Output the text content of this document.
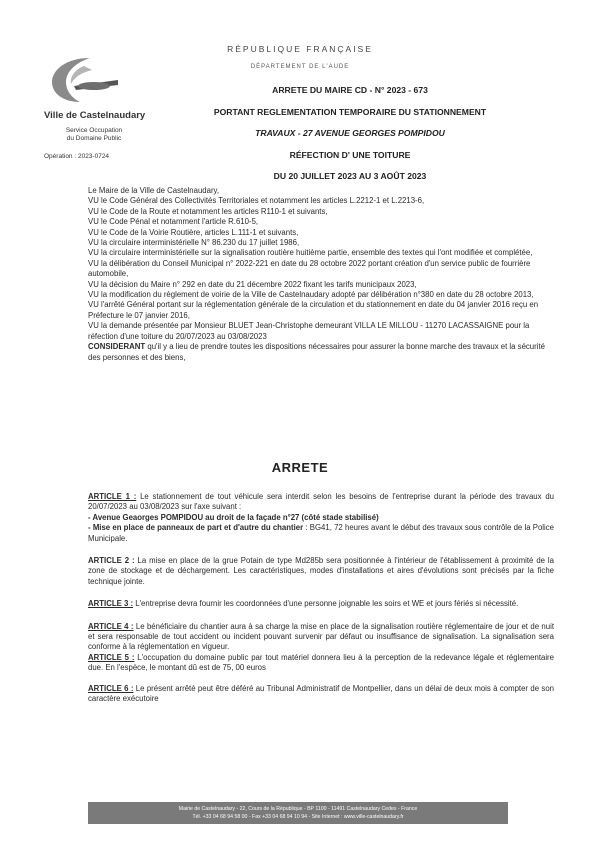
Ville de Castelnaudary
Service Occupation
du Domaine Public
Opération : 2023-0724
RÉPUBLIQUE FRANÇAISE
DÉPARTEMENT DE L'AUDE
ARRETE DU MAIRE CD - N° 2023 - 673
PORTANT REGLEMENTATION TEMPORAIRE DU STATIONNEMENT
TRAVAUX - 27 AVENUE GEORGES POMPIDOU
RÉFECTION D' UNE TOITURE
DU 20 JUILLET 2023 AU 3 AOÛT 2023

Le Maire de la Ville de Castelnaudary,

VU le Code Général des Collectivités Territoriales et notamment les articles L.2212-1 et L.2213-6,

VU le Code de la Route et notamment les articles R110-1 et suivants,

VU le Code Pénal et notamment l'article R.610-5,

VU le Code de la Voirie Routière, articles L.111-1 et suivants,

VU la circulaire interministérielle N° 86.230 du 17 juillet 1986,

VU la circulaire interministérielle sur la signalisation routière huitième partie, ensemble des textes qui l'ont modifiée et complétée,

VU la délibération du Conseil Municipal n° 2022-221 en date du 28 octobre 2022 portant création d'un service public de fourrière automobile,

VU la décision du Maire n° 292 en date du 21 décembre 2022 fixant les tarifs municipaux 2023,

VU la modification du règlement de voirie de la Ville de Castelnaudary adopté par délibération n°380 en date du 28 octobre 2013,

VU l'arrêté Général portant sur la réglementation générale de la circulation et du stationnement en date du 04 janvier 2016 reçu en Préfecture le 07 janvier 2016,

VU la demande présentée par Monsieur BLUET Jean-Christophe demeurant VILLA LE MILLOU - 11270 LACASSAIGNE pour la réfection d'une toiture du 20/07/2023 au 03/08/2023

CONSIDERANT qu'il y a lieu de prendre toutes les dispositions nécessaires pour assurer la bonne marche des travaux et la sécurité des personnes et des biens,

ARRETE

ARTICLE 1 : Le stationnement de tout véhicule sera interdit selon les besoins de l'entreprise durant la période des travaux du 20/07/2023 au 03/08/2023 sur l'axe suivant :

- Avenue Geaorges POMPIDOU au droit de la façade n°27 (côté stade stabilisé)

- Mise en place de panneaux de part et d'autre du chantier : BG41, 72 heures avant le début des travaux sous contrôle de la Police Municipale.

ARTICLE 2 : La mise en place de la grue Potain de type Md285b sera positionnée à l'intérieur de l'établissement à proximité de la zone de stockage et de déchargement. Les caractéristiques, modes d'installations et aires d'évolutions sont précisés par la fiche technique jointe.

ARTICLE 3 : L'entreprise devra fournir les coordonnées d'une personne joignable les soirs et WE et jours fériés si nécessité.

ARTICLE 4 : Le bénéficiaire du chantier aura à sa charge la mise en place de la signalisation routière réglementaire de jour et de nuit et sera responsable de tout accident ou incident pouvant survenir par défaut ou insuffisance de signalisation. La signalisation sera conforme à la réglementation en vigueur.

ARTICLE 5 : L'occupation du domaine public par tout matériel donnera lieu à la perception de la redevance légale et réglementaire due. En l'espèce, le montant dû est de 75, 00 euros

ARTICLE 6 : Le présent arrêté peut être déféré au Tribunal Administratif de Montpellier, dans un délai de deux mois à compter de son caractère exécutoire

Mairie de Castelnaudary - 22, Cours de la République - BP 1100 - 11491 Castelnaudary Cedex - France
Tél. +33 04 68 94 58 00 - Fax +33 04 68 94 10 94 - Site Internet : www.ville-castelnaudary.fr
